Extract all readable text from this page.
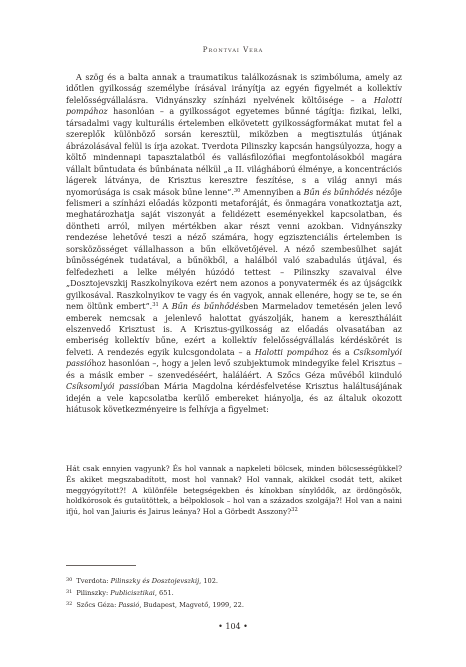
Prontvai Vera

A szög és a balta annak a traumatikus találkozásnak is szimbóluma, amely az időtlen gyilkosság személybe írásával irányítja az egyén figyelmét a kollektív felelősségvállalásra. Vidnyánszky színházi nyelvének költőisége – a Halotti pompához hasonlóan – a gyilkosságot egyetemes bűnné tágítja: fizikai, lelki, társadalmi vagy kulturális értelemben elkövetett gyilkosságformákat mutat fel a szereplők különböző sorsán keresztül, miközben a megtisztulás útjának ábrázolásával felül is írja azokat. Tverdota Pilinszky kapcsán hangsúlyozza, hogy a költő mindennapi tapasztalatból és vallásfilozófiai megfontolásokból magára vállalt bűntudata és bűnbánata nélkül „a II. világháború élménye, a koncentrációs lágerek látványa, de Krisztus keresztre feszítése, s a világ annyi más nyomorúsága is csak mások bűne lenne”.$^{30}$ Amennyiben a Bűn és bűnhődés nézője felismeri a színházi előadás központi metaforáját, és önmagára vonatkoztatja azt, meghatározhatja saját viszonyát a felidézett eseményekkel kapcsolatban, és döntheti arról, milyen mértékben akar részt venni azokban. Vidnyánszky rendezése lehetővé teszi a néző számára, hogy egzisztenciális értelemben is sorsközösséget vállalhasson a bűn elkövetőjével. A néző szembesülhet saját bűnösségének tudatával, a bűnökből, a halálból való szabadulás útjával, és felfedezheti a lelke mélyén húzódó tettest – Pilinszky szavaival élve „Dosztojevszkij Raszkolnyikova ezért nem azonos a ponyvatermék és az újságcikk gyilkosával. Raszkolnyikov te vagy és én vagyok, annak ellenére, hogy se te, se én nem öltünk embert”.$^{31}$ A Bűn és bűnhődésben Marmeladov temetésén jelen levő emberek nemcsak a jelenlevő halottat gyászolják, hanem a keresztháláit elszenvedő Krisztust is. A Krisztus-gyilkosság az előadás olvasatában az emberiség kollektív bűne, ezért a kollektív felelősségvállalás kérdéskörét is felveti. A rendezés egyik kulcsgondolata – a Halotti pompához és a Csíksomlyói passióhoz hasonlóan –, hogy a jelen levő szubjektumok mindegyike felel Krisztus – és a másik ember – szenvedéséért, haláláért. A Szőcs Géza művéből kiinduló Csíksomlyói passióban Mária Magdolna kérdésfelvetése Krisztus haláltusájának idején a vele kapcsolatba kerülő embereket hiányolja, és az általuk okozott hiátusok következményeire is felhívja a figyelmet:

Hát csak ennyien vagyunk? És hol vannak a napkeleti bölcsek, minden bölcsességükkel? És akiket megszabadított, most hol vannak? Hol vannak, akikkel csodát tett, akiket meggyógyított?! A különféle betegségekben és kínokban sínylődők, az ördöngösök, holdkórosok és gutaütöttek, a bélpoklosok – hol van a százados szolgája?! Hol van a naini ifjú, hol van Jaiuris és Jairus leánya? Hol a Görbedt Asszony?$^{32}$

$^{30}$ Tverdota: Pilinszky és Dosztojevszkij, 102.
$^{31}$ Pilinszky: Publicisztikai, 651.
$^{32}$ Szőcs Géza: Passió, Budapest, Magvető, 1999, 22.
• 104 •
